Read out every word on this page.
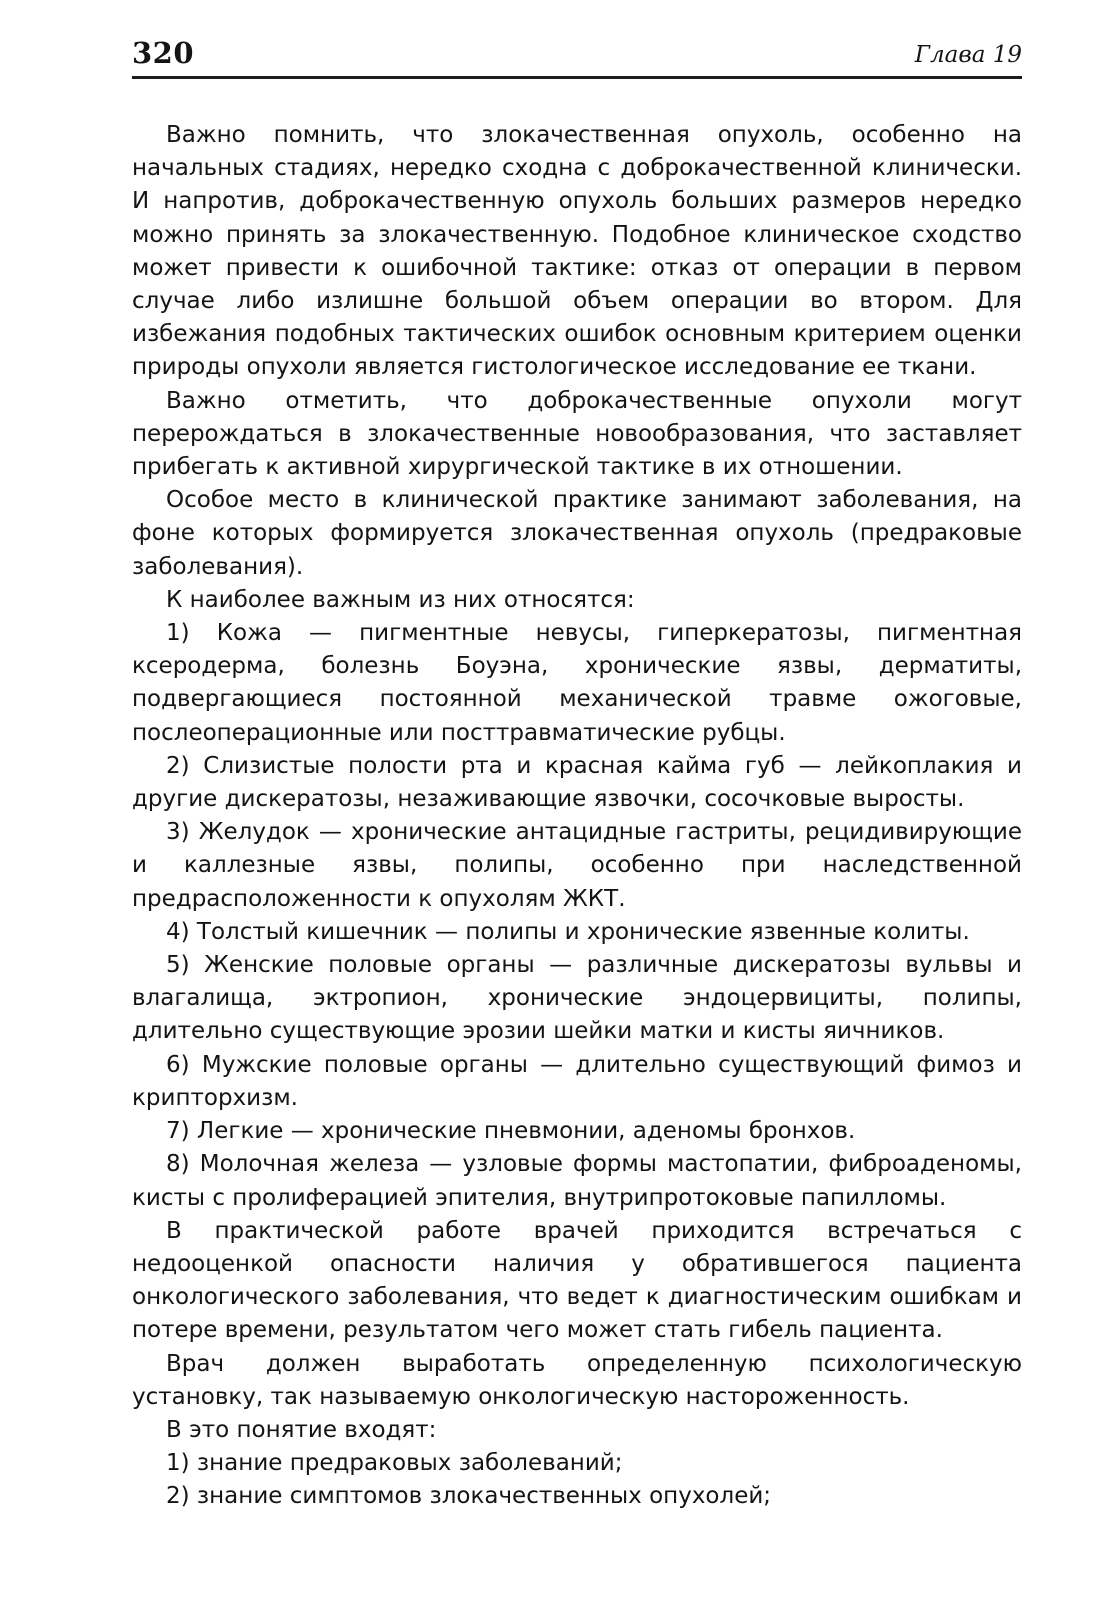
320	Глава 19

Важно помнить, что злокачественная опухоль, особенно на начальных стадиях, нередко сходна с доброкачественной клинически. И напротив, доброкачественную опухоль больших размеров нередко можно принять за злокачественную. Подобное клиническое сходство может привести к ошибочной тактике: отказ от операции в первом случае либо излишне большой объем операции во втором. Для избежания подобных тактических ошибок основным критерием оценки природы опухоли является гистологическое исследование ее ткани.

Важно отметить, что доброкачественные опухоли могут перерождаться в злокачественные новообразования, что заставляет прибегать к активной хирургической тактике в их отношении.

Особое место в клинической практике занимают заболевания, на фоне которых формируется злокачественная опухоль (предраковые заболевания).

К наиболее важным из них относятся:

1) Кожа — пигментные невусы, гиперкератозы, пигментная ксеродерма, болезнь Боуэна, хронические язвы, дерматиты, подвергающиеся постоянной механической травме ожоговые, послеоперационные или посттравматические рубцы.

2) Слизистые полости рта и красная кайма губ — лейкоплакия и другие дискератозы, незаживающие язвочки, сосочковые выросты.

3) Желудок — хронические антацидные гастриты, рецидивирующие и каллезные язвы, полипы, особенно при наследственной предрасположенности к опухолям ЖКТ.

4) Толстый кишечник — полипы и хронические язвенные колиты.

5) Женские половые органы — различные дискератозы вульвы и влагалища, эктропион, хронические эндоцервициты, полипы, длительно существующие эрозии шейки матки и кисты яичников.

6) Мужские половые органы — длительно существующий фимоз и крипторхизм.

7) Легкие — хронические пневмонии, аденомы бронхов.

8) Молочная железа — узловые формы мастопатии, фиброаденомы, кисты с пролиферацией эпителия, внутрипротоковые папилломы.

В практической работе врачей приходится встречаться с недооценкой опасности наличия у обратившегося пациента онкологического заболевания, что ведет к диагностическим ошибкам и потере времени, результатом чего может стать гибель пациента.

Врач должен выработать определенную психологическую установку, так называемую онкологическую настороженность.

В это понятие входят:

1) знание предраковых заболеваний;

2) знание симптомов злокачественных опухолей;
